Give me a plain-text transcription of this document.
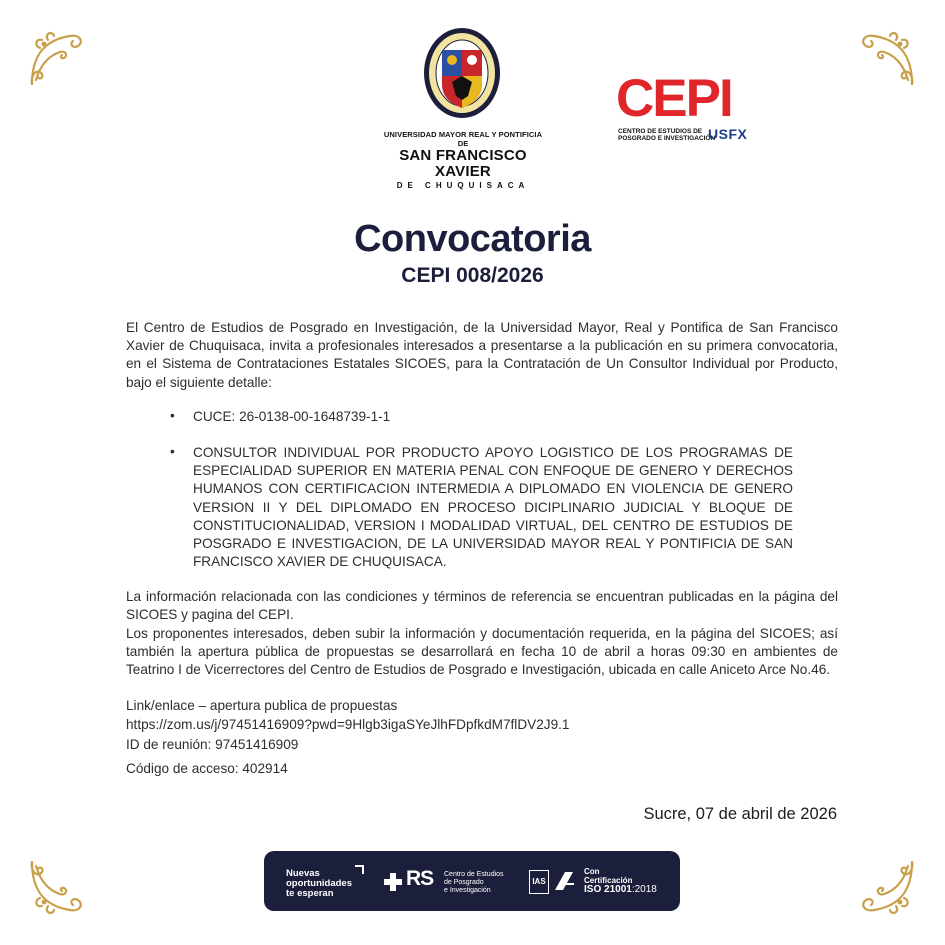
UNIVERSIDAD MAYOR REAL Y PONTIFICIA DE
SAN FRANCISCO XAVIER
DE CHUQUISACA
CEPI
CENTRO DE ESTUDIOS DE
POSGRADO E INVESTIGACIÓN
USFX
Convocatoria
CEPI 008/2026
El Centro de Estudios de Posgrado en Investigación, de la Universidad Mayor, Real y Pontifica de San Francisco Xavier de Chuquisaca, invita a profesionales interesados a presentarse a la publicación en su primera convocatoria, en el Sistema de Contrataciones Estatales SICOES, para la Contratación de Un Consultor Individual por Producto, bajo el siguiente detalle:
• CUCE: 26-0138-00-1648739-1-1
• CONSULTOR INDIVIDUAL POR PRODUCTO APOYO LOGISTICO DE LOS PROGRAMAS DE ESPECIALIDAD SUPERIOR EN MATERIA PENAL CON ENFOQUE DE GENERO Y DERECHOS HUMANOS CON CERTIFICACION INTERMEDIA A DIPLOMADO EN VIOLENCIA DE GENERO VERSION II Y DEL DIPLOMADO EN PROCESO DICIPLINARIO JUDICIAL Y BLOQUE DE CONSTITUCIONALIDAD, VERSION I MODALIDAD VIRTUAL, DEL CENTRO DE ESTUDIOS DE POSGRADO E INVESTIGACION, DE LA UNIVERSIDAD MAYOR REAL Y PONTIFICIA DE SAN FRANCISCO XAVIER DE CHUQUISACA.
La información relacionada con las condiciones y términos de referencia se encuentran publicadas en la página del SICOES y pagina del CEPI.
Los proponentes interesados, deben subir la información y documentación requerida, en la página del SICOES; así también la apertura pública de propuestas se desarrollará en fecha 10 de abril a horas 09:30 en ambientes de Teatrino I de Vicerrectores del Centro de Estudios de Posgrado e Investigación, ubicada en calle Aniceto Arce No.46.
Link/enlace – apertura publica de propuestas
https://zom.us/j/97451416909?pwd=9Hlgb3igaSYeJlhFDpfkdM7flDV2J9.1
ID de reunión: 97451416909
Código de acceso: 402914
Sucre, 07 de abril de 2026
Nuevas
oportunidades
te esperan
RS Centro de Estudios
de Posgrado
e Investigación
IAS
Con
Certificación
ISO 21001:2018
